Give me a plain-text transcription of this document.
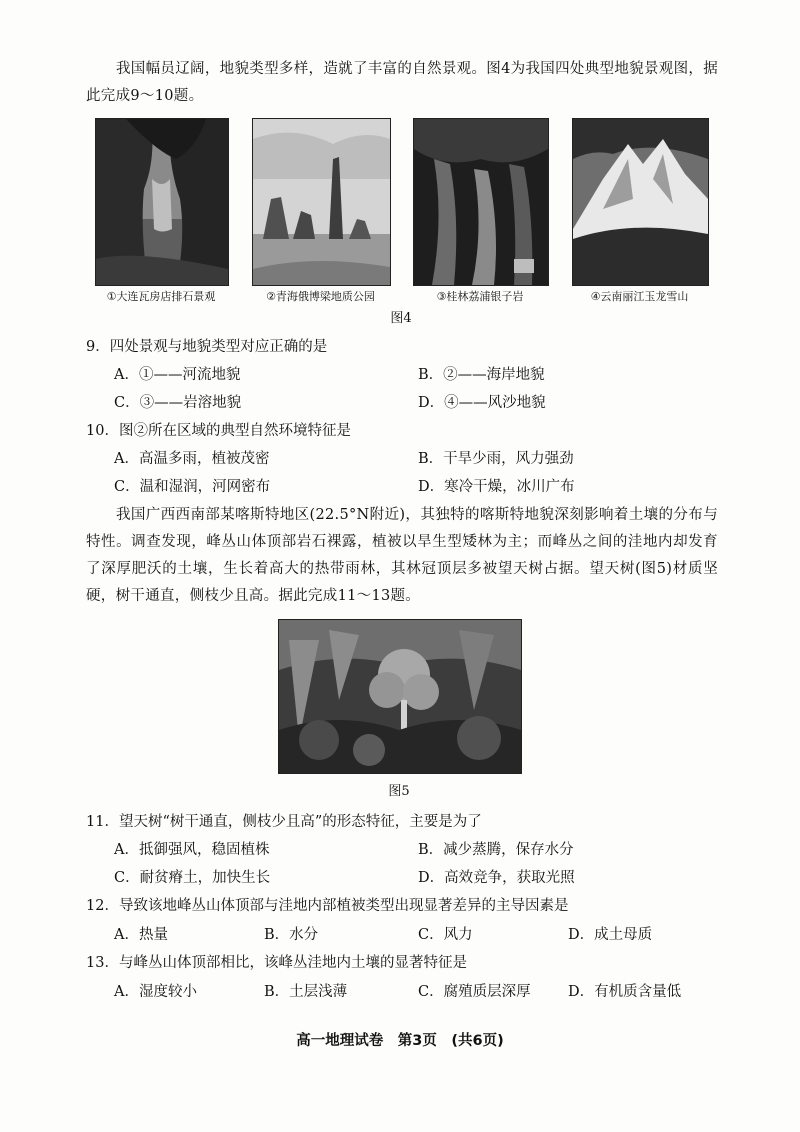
我国幅员辽阔，地貌类型多样，造就了丰富的自然景观。图4为我国四处典型地貌景观图，据此完成9～10题。

①大连瓦房店排石景观	②青海俄博梁地质公园	③桂林荔浦银子岩	④云南丽江玉龙雪山
图4
9．四处景观与地貌类型对应正确的是
A．①——河流地貌	B．②——海岸地貌
C．③——岩溶地貌	D．④——风沙地貌
10．图②所在区域的典型自然环境特征是
A．高温多雨，植被茂密	B．干旱少雨，风力强劲
C．温和湿润，河网密布	D．寒冷干燥，冰川广布

我国广西西南部某喀斯特地区(22.5°N附近)，其独特的喀斯特地貌深刻影响着土壤的分布与特性。调查发现，峰丛山体顶部岩石裸露，植被以旱生型矮林为主；而峰丛之间的洼地内却发育了深厚肥沃的土壤，生长着高大的热带雨林，其林冠顶层多被望天树占据。望天树(图5)材质坚硬，树干通直，侧枝少且高。据此完成11～13题。

图5
11．望天树“树干通直，侧枝少且高”的形态特征，主要是为了
A．抵御强风，稳固植株	B．减少蒸腾，保存水分
C．耐贫瘠土，加快生长	D．高效竞争，获取光照
12．导致该地峰丛山体顶部与洼地内部植被类型出现显著差异的主导因素是
A．热量	B．水分	C．风力	D．成土母质
13．与峰丛山体顶部相比，该峰丛洼地内土壤的显著特征是
A．湿度较小	B．土层浅薄	C．腐殖质层深厚	D．有机质含量低
高一地理试卷　第3页　(共6页)
